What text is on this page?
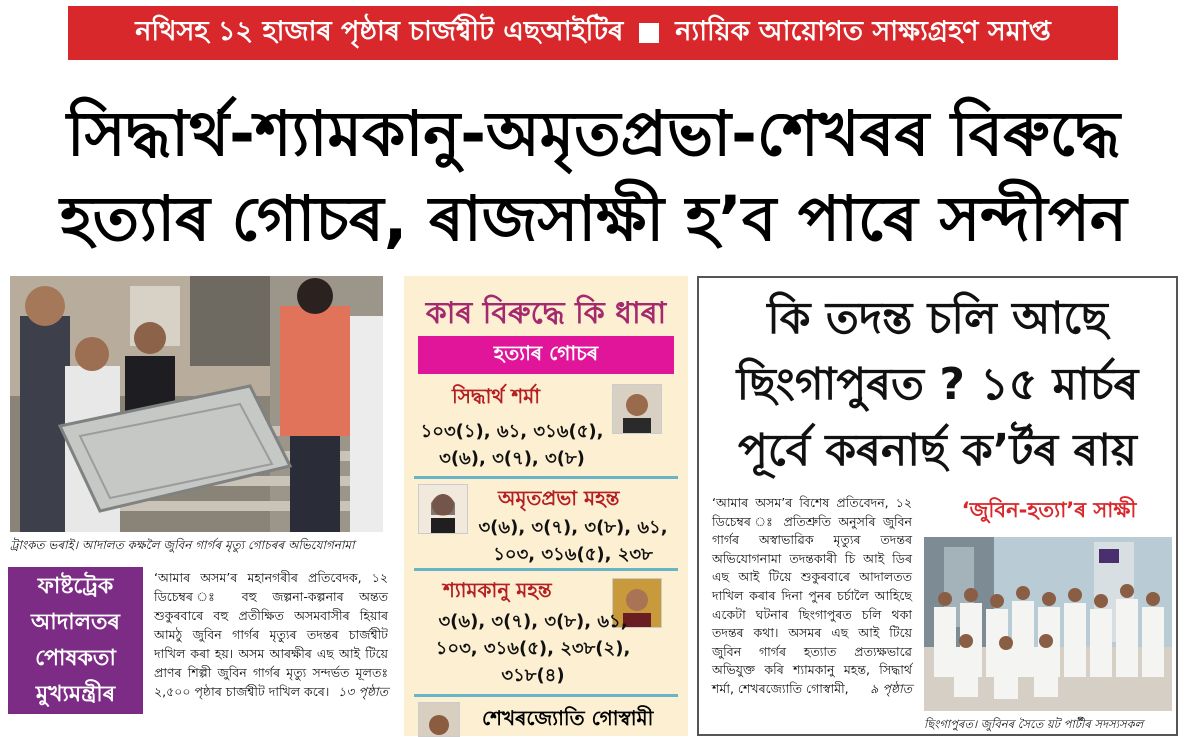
নথিসহ ১২ হাজাৰ পৃষ্ঠাৰ চাৰ্জশ্বীট এছআইটিৰ ন্যায়িক আয়োগত সাক্ষ্যগ্ৰহণ সমাপ্ত
সিদ্ধাৰ্থ-শ্যামকানু-অমৃতপ্ৰভা-শেখৰৰ বিৰুদ্ধে
হত্যাৰ গোচৰ, ৰাজসাক্ষী হ’ব পাৰে সন্দীপন
ট্ৰাংকত ভৰাই। আদালত কক্ষলৈ জুবিন গাৰ্গৰ মৃত্যু গোচৰৰ অভিযোগনামা
ফাষ্টট্ৰেক
আদালতৰ
পোষকতা
মুখ্যমন্ত্ৰীৰ
‘আমাৰ অসম’ৰ মহানগৰীৰ প্ৰতিবেদক, ১২ ডিচেম্বৰ ঃ বহু জল্পনা-কল্পনাৰ অন্তত শুকুৰবাৰে বহু প্ৰতীক্ষিত অসমবাসীৰ হিয়াৰ আমঠু জুবিন গাৰ্গৰ মৃত্যুৰ তদন্তৰ চাৰ্জশ্বীট দাখিল কৰা হয়। অসম আৰক্ষীৰ এছ আই টিয়ে প্ৰাণৰ শিল্পী জুবিন গাৰ্গৰ মৃত্যু সন্দৰ্ভত মূলতঃ ২,৫০০ পৃষ্ঠাৰ চাৰ্জশ্বীট দাখিল কৰে। ১৩ পৃষ্ঠাত
কাৰ বিৰুদ্ধে কি ধাৰা
হত্যাৰ গোচৰ
সিদ্ধাৰ্থ শৰ্মা
১০৩(১), ৬১, ৩১৬(৫),
৩(৬), ৩(৭), ৩(৮)
অমৃতপ্ৰভা মহন্ত
৩(৬), ৩(৭), ৩(৮), ৬১,
১০৩, ৩১৬(৫), ২৩৮
শ্যামকানু মহন্ত
৩(৬), ৩(৭), ৩(৮), ৬১,
১০৩, ৩১৬(৫), ২৩৮(২),
৩১৮(৪)
শেখৰজ্যোতি গোস্বামী
কি তদন্ত চলি আছে
ছিংগাপুৰত ? ১৫ মাৰ্চৰ
পূৰ্বে কৰনাৰ্ছ ক’ৰ্টৰ ৰায়
‘আমাৰ অসম’ৰ বিশেষ প্ৰতিবেদন, ১২ ডিচেম্বৰ ঃ প্ৰতিশ্ৰুতি অনুসৰি জুবিন গাৰ্গৰ অস্বাভাৱিক মৃত্যুৰ তদন্তৰ অভিযোগনামা তদন্তকাৰী চি আই ডিৰ এছ আই টিয়ে শুকুৰবাৰে আদালতত দাখিল কৰাৰ দিনা পুনৰ চৰ্চালৈ আহিছে একেটা ঘটনাৰ ছিংগাপুৰত চলি থকা তদন্তৰ কথা। অসমৰ এছ আই টিয়ে জুবিন গাৰ্গৰ হত্যাত প্ৰত্যক্ষভাৱে অভিযুক্ত কৰি শ্যামকানু মহন্ত, সিদ্ধাৰ্থ শৰ্মা, শেখৰজ্যোতি গোস্বামী, ৯ পৃষ্ঠাত
‘জুবিন-হত্যা’ৰ সাক্ষী
ছিংগাপুৰত। জুবিনৰ সৈতে য়ট পাৰ্টীৰ সদস্যসকল
